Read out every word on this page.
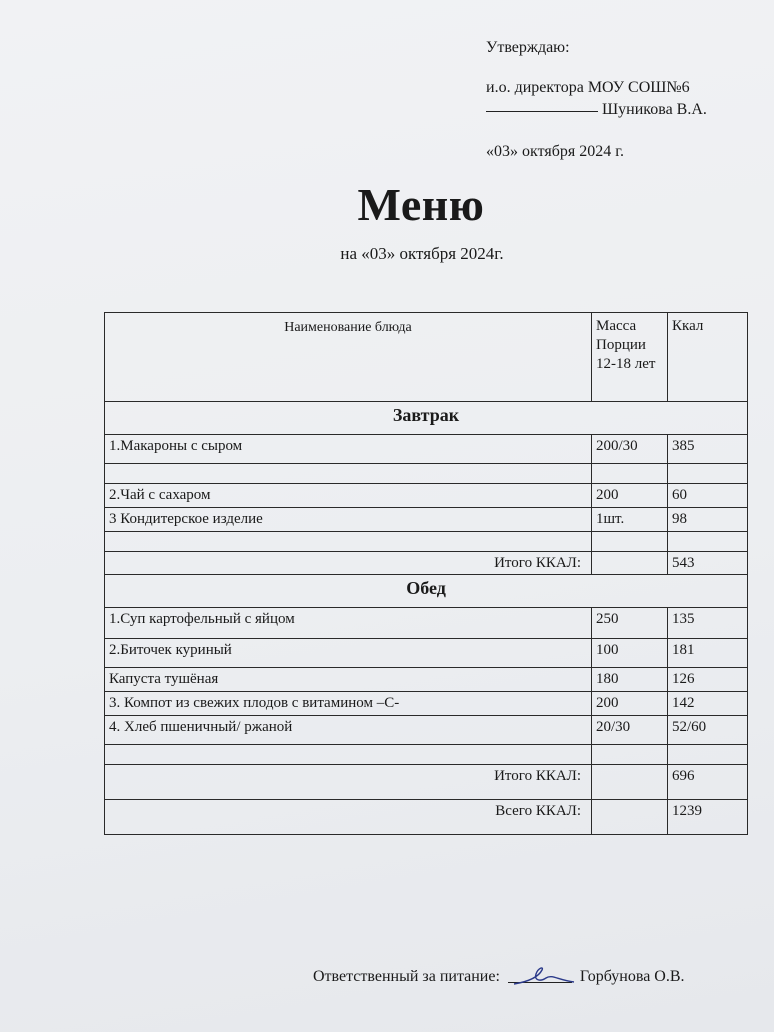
Утверждаю:
и.о. директора МОУ СОШ№6
Шуникова В.А.
«03» октября 2024 г.
Меню
на «03» октября 2024г.
Наименование блюда	Масса Порции 12-18 лет	Ккал
Завтрак		
1.Макароны с сыром	200/30	385

2.Чай с сахаром	200	60
3 Кондитерское изделие	1шт.	98

Итого ККАЛ:		543
Обед		
1.Суп картофельный с яйцом	250	135
2.Биточек куриный	100	181
Капуста тушёная	180	126
3. Компот из свежих плодов с витамином –С-	200	142
4. Хлеб пшеничный/ ржаной	20/30	52/60

Итого ККАЛ:		696
Всего ККАЛ:		1239
Ответственный за питание:	Горбунова О.В.
